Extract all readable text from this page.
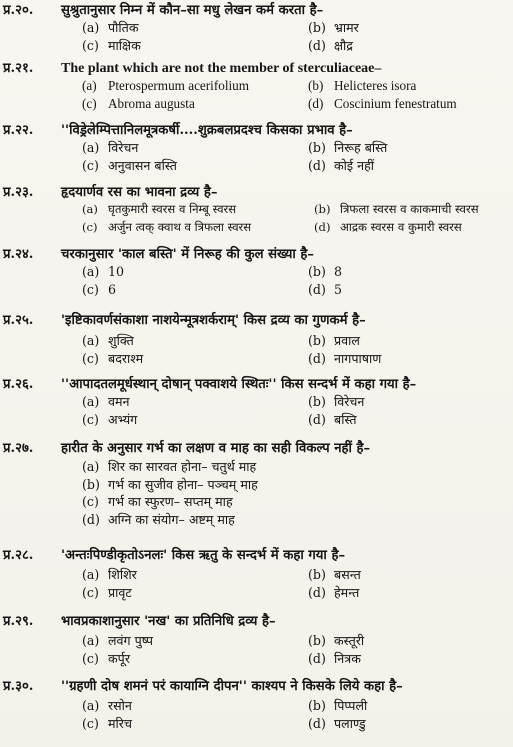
प्र.२०.	सुश्रुतानुसार निम्न में कौन–सा मधु लेखन कर्म करता है–
(a) पौतिक	(b) भ्रामर
(c) माक्षिक	(d) क्षौद्र
प्र.२१.	The plant which are not the member of sterculiaceae–
(a) Pterospermum acerifolium	(b) Helicteres isora
(c) Abroma augusta	(d) Coscinium fenestratum
प्र.२२.	''विड्रेलेम्पित्तानिलमूत्रकर्षी....शुक्रबलप्रदश्च किसका प्रभाव है–
(a) विरेचन	(b) निरूह बस्ति
(c) अनुवासन बस्ति	(d) कोई नहीं
प्र.२३.	हृदयार्णव रस का भावना द्रव्य है–
(a) घृतकुमारी स्वरस व निम्बू स्वरस	(b) त्रिफला स्वरस व काकमाची स्वरस
(c) अर्जुन त्वक् क्वाथ व त्रिफला स्वरस	(d) आद्रक स्वरस व कुमारी स्वरस
प्र.२४.	चरकानुसार 'काल बस्ति' में निरूह की कुल संख्या है–
(a) 10	(b) 8
(c) 6	(d) 5
प्र.२५.	'इष्टिकावर्णसंकाशा नाशयेन्मूत्रशर्कराम्' किस द्रव्य का गुणकर्म है–
(a) शुक्ति	(b) प्रवाल
(c) बदराश्म	(d) नागपाषाण
प्र.२६.	''आपादतलमूर्धस्थान् दोषान् पक्वाशये स्थितः'' किस सन्दर्भ में कहा गया है–
(a) वमन	(b) विरेचन
(c) अभ्यंग	(d) बस्ति
प्र.२७.	हारीत के अनुसार गर्भ का लक्षण व माह का सही विकल्प नहीं है–
(a) शिर का सारवत होना– चतुर्थ माह
(b) गर्भ का सुजीव होना– पञ्चम् माह
(c) गर्भ का स्फुरण– सप्तम् माह
(d) अग्नि का संयोग– अष्टम् माह
प्र.२८.	'अन्तःपिण्डीकृतोऽनलः' किस ऋतु के सन्दर्भ में कहा गया है–
(a) शिशिर	(b) बसन्त
(c) प्रावृट	(d) हेमन्त
प्र.२९.	भावप्रकाशानुसार 'नख' का प्रतिनिधि द्रव्य है–
(a) लवंग पुष्प	(b) कस्तूरी
(c) कर्पूर	(d) नित्रक
प्र.३०.	''ग्रहणी दोष शमनं परं कायाग्नि दीपन'' काश्यप ने किसके लिये कहा है–
(a) रसोन	(b) पिप्पली
(c) मरिच	(d) पलाण्डु
